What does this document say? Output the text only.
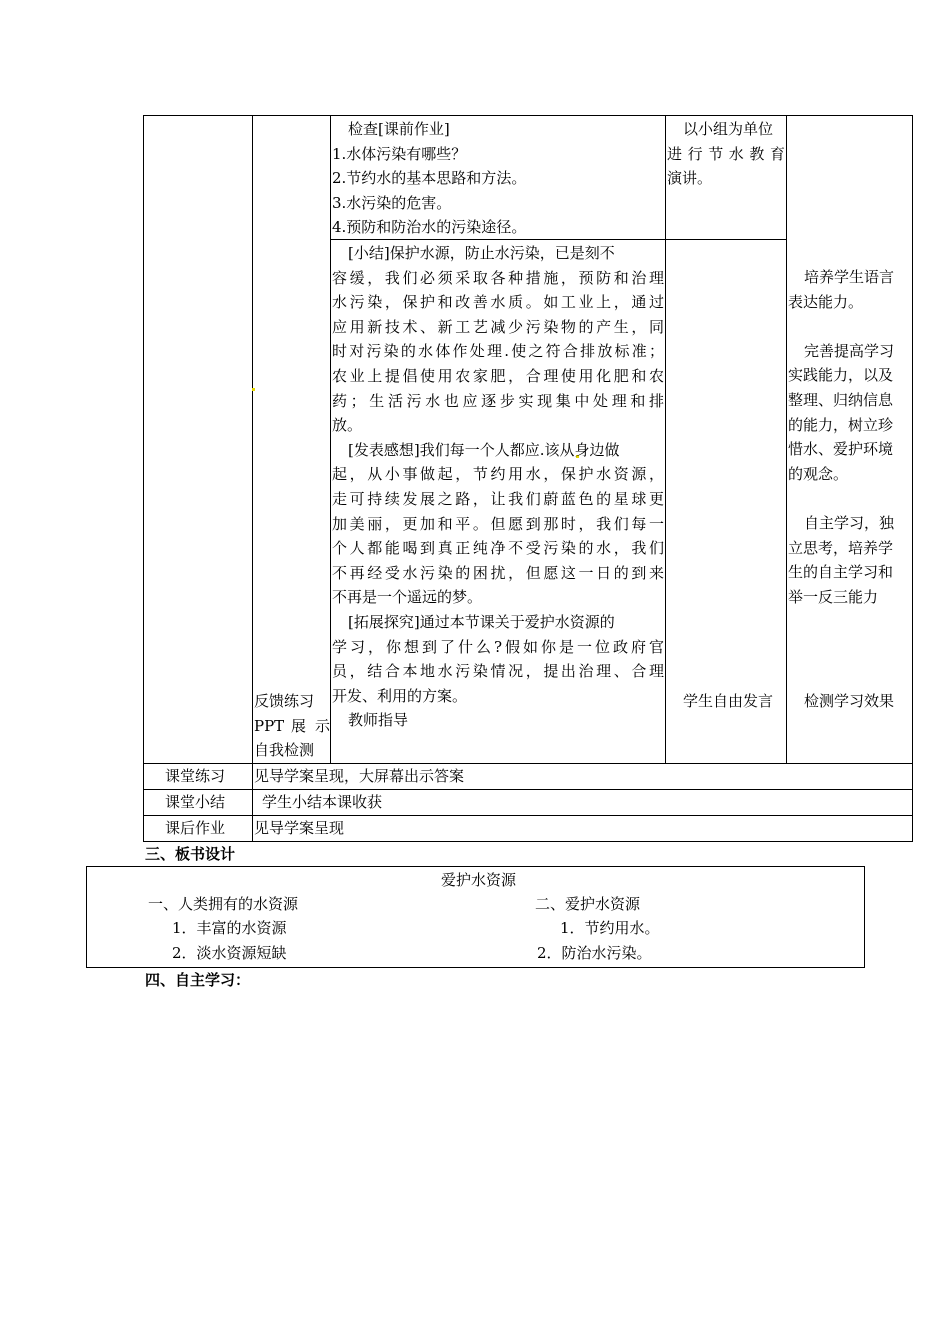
反馈练习
PPT 展 示
自我检测
检查[课前作业]
1.水体污染有哪些？
2.节约水的基本思路和方法。
3.水污染的危害。
4.预防和防治水的污染途径。
以小组为单位
进 行 节 水 教 育
演讲。
[小结]保护水源，防止水污染，已是刻不
容缓，我们必须采取各种措施，预防和治理
水污染，保护和改善水质。如工业上，通过
应用新技术、新工艺减少污染物的产生，同
时对污染的水体作处理.使之符合排放标准；
农业上提倡使用农家肥，合理使用化肥和农
药；生活污水也应逐步实现集中处理和排
放。
[发表感想]我们每一个人都应.该从身边做
起，从小事做起，节约用水，保护水资源，
走可持续发展之路，让我们蔚蓝色的星球更
加美丽，更加和平。但愿到那时，我们每一
个人都能喝到真正纯净不受污染的水，我们
不再经受水污染的困扰，但愿这一日的到来
不再是一个遥远的梦。
[拓展探究]通过本节课关于爱护水资源的
学习，你想到了什么?假如你是一位政府官
员，结合本地水污染情况，提出治理、合理
开发、利用的方案。
教师指导
学生自由发言
培养学生语言
表达能力。

完善提高学习
实践能力，以及
整理、归纳信息
的能力，树立珍
惜水、爱护环境
的观念。

自主学习，独
立思考，培养学
生的自主学习和
举一反三能力
检测学习效果
课堂练习 见导学案呈现，大屏幕出示答案
课堂小结 学生小结本课收获
课后作业 见导学案呈现
三、板书设计
爱护水资源
一、人类拥有的水资源
1．丰富的水资源
2．淡水资源短缺
二、爱护水资源
1．节约用水。
2．防治水污染。
四、自主学习：
